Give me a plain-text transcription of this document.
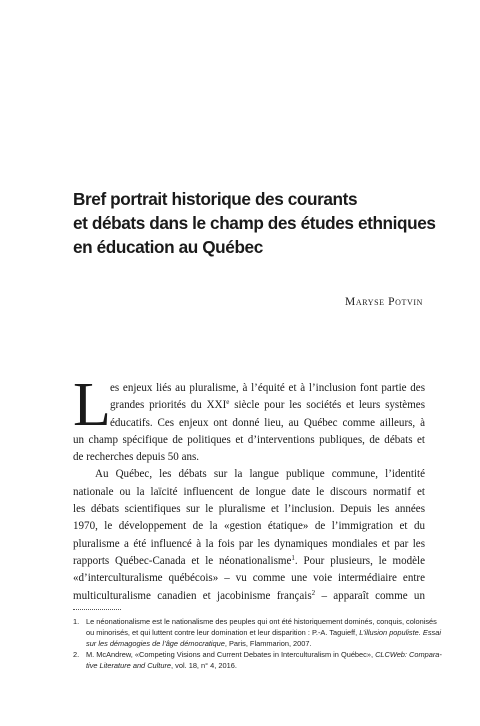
Bref portrait historique des courants
et débats dans le champ des études ethniques
en éducation au Québec

Maryse Potvin

L es enjeux liés au pluralisme, à l’équité et à l’inclusion font partie des
grandes priorités du XXIe siècle pour les sociétés et leurs systèmes
éducatifs. Ces enjeux ont donné lieu, au Québec comme ailleurs, à
un champ spécifique de politiques et d’interventions publiques, de débats et
de recherches depuis 50 ans.

Au Québec, les débats sur la langue publique commune, l’identité
nationale ou la laïcité influencent de longue date le discours normatif et
les débats scientifiques sur le pluralisme et l’inclusion. Depuis les années
1970, le développement de la «gestion étatique» de l’immigration et du
pluralisme a été influencé à la fois par les dynamiques mondiales et par les
rapports Québec-Canada et le néonationalisme$^1$. Pour plusieurs, le modèle
«d’interculturalisme québécois» – vu comme une voie intermédiaire entre
multiculturalisme canadien et jacobinisme français$^2$ – apparaît comme un

1. Le néonationalisme est le nationalisme des peuples qui ont été historiquement dominés, conquis, colonisés
ou minorisés, et qui luttent contre leur domination et leur disparition : P.-A. Taguieff, L’illusion populiste. Essai
sur les démagogies de l’âge démocratique, Paris, Flammarion, 2007.
2. M. McAndrew, «Competing Visions and Current Debates in Interculturalism in Québec», CLCWeb: Compara-
tive Literature and Culture, vol. 18, n° 4, 2016.
